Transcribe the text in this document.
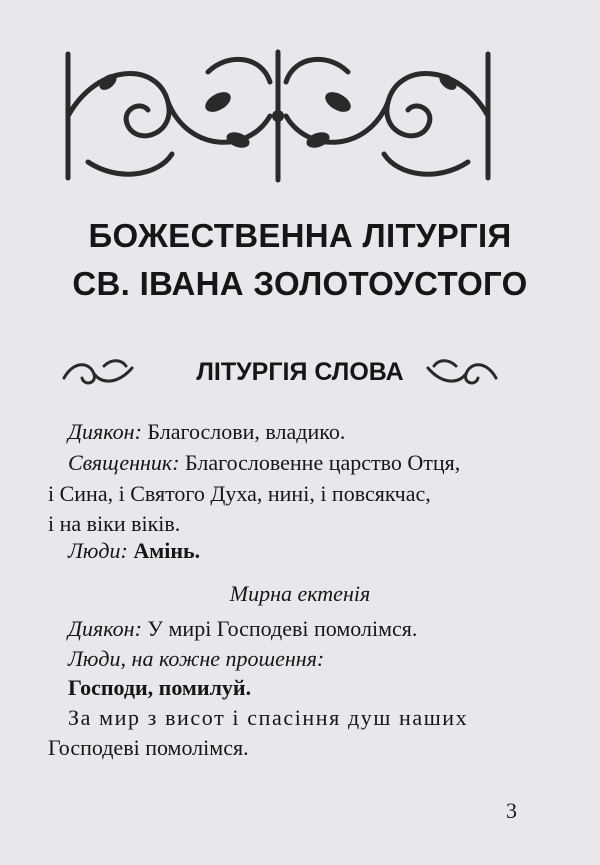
БОЖЕСТВЕННА ЛІТУРГІЯ
СВ. ІВАНА ЗОЛОТОУСТОГО
ЛІТУРГІЯ СЛОВА
Диякон: Благослови, владико.
Священник: Благословенне царство Отця,
і Сина, і Святого Духа, нині, і повсякчас,
і на віки віків.
Люди: Амінь.
Мирна ектенія
Диякон: У мирі Господеві помолімся.
Люди, на кожне прошення:
Господи, помилуй.
За мир з висот і спасіння душ наших
Господеві помолімся.
3
